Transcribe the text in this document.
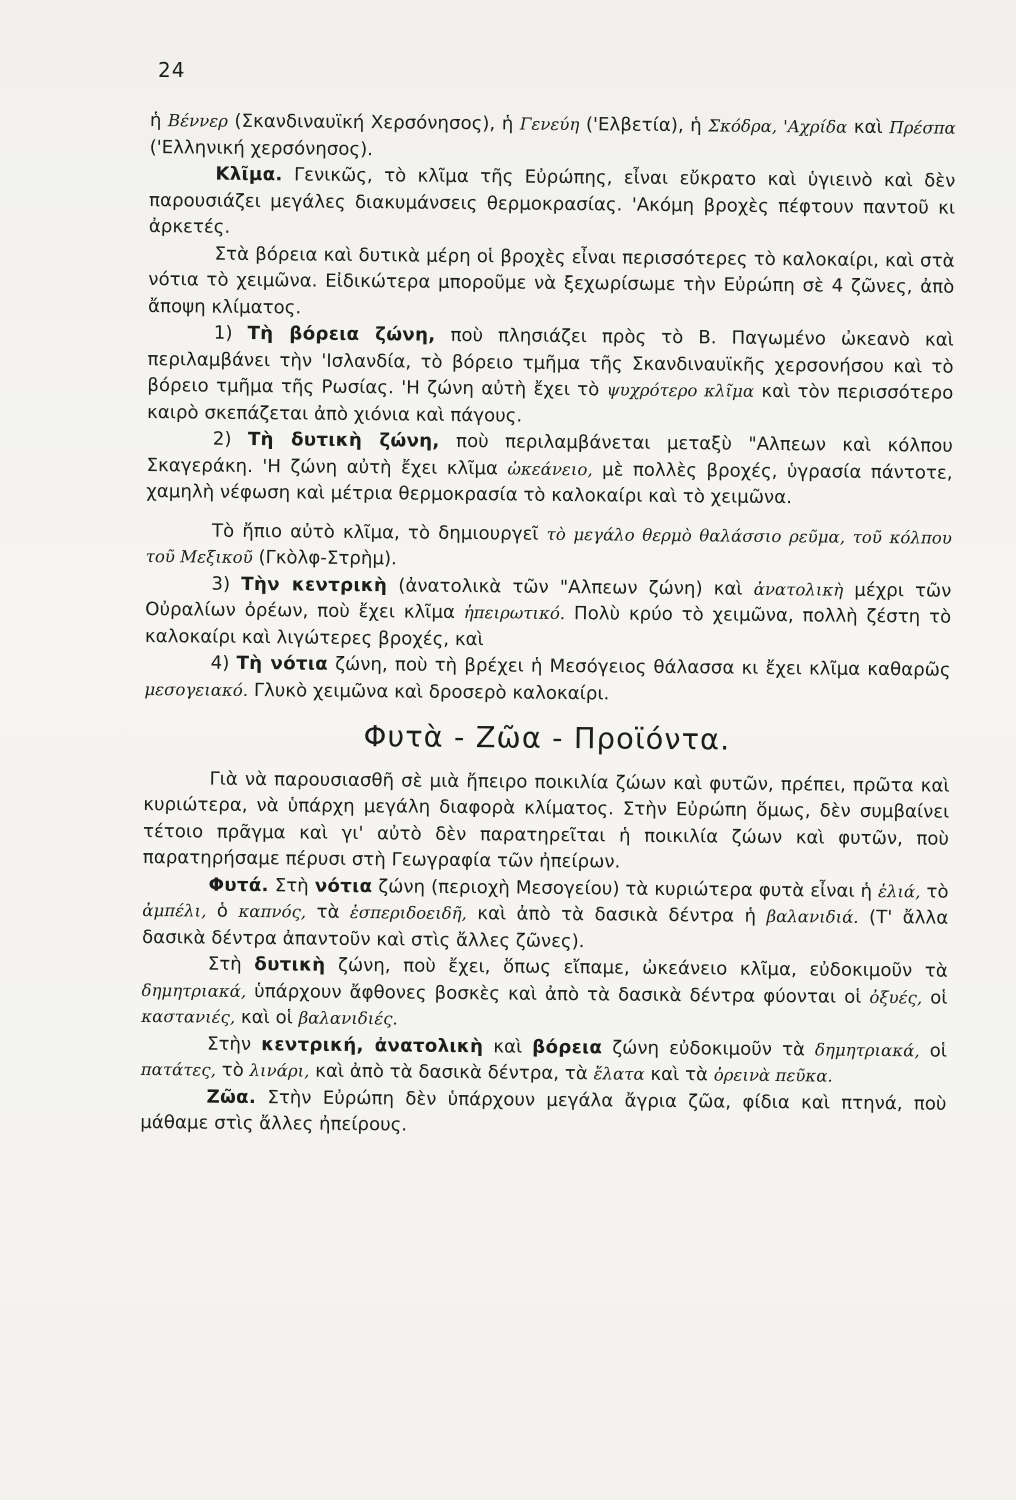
24

ἡ Βέννερ (Σκανδιναυϊκή Χερσόνησος), ἡ Γενεύη ('Ελβετία), ἡ Σκόδρα, 'Αχρίδα καὶ Πρέσπα ('Ελληνική χερσόνησος).

Κλῖμα. Γενικῶς, τὸ κλῖμα τῆς Εὐρώπης, εἶναι εὔκρατο καὶ ὑγιεινὸ καὶ δὲν παρουσιάζει μεγάλες διακυμάνσεις θερμοκρασίας. 'Ακόμη βροχὲς πέφτουν παντοῦ κι ἀρκετές.

Στὰ βόρεια καὶ δυτικὰ μέρη οἱ βροχὲς εἶναι περισσότερες τὸ καλοκαίρι, καὶ στὰ νότια τὸ χειμῶνα. Εἰδικώτερα μποροῦμε νὰ ξεχωρίσωμε τὴν Εὐρώπη σὲ 4 ζῶνες, ἀπὸ ἄποψη κλίματος.

1) Τὴ βόρεια ζώνη, ποὺ πλησιάζει πρὸς τὸ Β. Παγωμένο ὠκεανὸ καὶ περιλαμβάνει τὴν 'Ισλανδία, τὸ βόρειο τμῆμα τῆς Σκανδιναυϊκῆς χερσονήσου καὶ τὸ βόρειο τμῆμα τῆς Ρωσίας. 'Η ζώνη αὐτὴ ἔχει τὸ ψυχρότερο κλῖμα καὶ τὸν περισσότερο καιρὸ σκεπάζεται ἀπὸ χιόνια καὶ πάγους.

2) Τὴ δυτικὴ ζώνη, ποὺ περιλαμβάνεται μεταξὺ "Αλπεων καὶ κόλπου Σκαγεράκη. 'Η ζώνη αὐτὴ ἔχει κλῖμα ὠκεάνειο, μὲ πολλὲς βροχές, ὑγρασία πάντοτε, χαμηλὴ νέφωση καὶ μέτρια θερμοκρασία τὸ καλοκαίρι καὶ τὸ χειμῶνα.

Τὸ ἤπιο αὐτὸ κλῖμα, τὸ δημιουργεῖ τὸ μεγάλο θερμὸ θαλάσσιο ρεῦμα, τοῦ κόλπου τοῦ Μεξικοῦ (Γκὸλφ-Στρὴμ).

3) Τὴν κεντρικὴ (ἀνατολικὰ τῶν "Αλπεων ζώνη) καὶ ἀνατολικὴ μέχρι τῶν Οὐραλίων ὀρέων, ποὺ ἔχει κλῖμα ἠπειρωτικό. Πολὺ κρύο τὸ χειμῶνα, πολλὴ ζέστη τὸ καλοκαίρι καὶ λιγώτερες βροχές, καὶ

4) Τὴ νότια ζώνη, ποὺ τὴ βρέχει ἡ Μεσόγειος θάλασσα κι ἔχει κλῖμα καθαρῶς μεσογειακό. Γλυκὸ χειμῶνα καὶ δροσερὸ καλοκαίρι.

Φυτὰ - Ζῶα - Προϊόντα.

Γιὰ νὰ παρουσιασθῆ σὲ μιὰ ἤπειρο ποικιλία ζώων καὶ φυτῶν, πρέπει, πρῶτα καὶ κυριώτερα, νὰ ὑπάρχη μεγάλη διαφορὰ κλίματος. Στὴν Εὐρώπη ὅμως, δὲν συμβαίνει τέτοιο πρᾶγμα καὶ γι' αὐτὸ δὲν παρατηρεῖται ἡ ποικιλία ζώων καὶ φυτῶν, ποὺ παρατηρήσαμε πέρυσι στὴ Γεωγραφία τῶν ἠπείρων.

Φυτά. Στὴ νότια ζώνη (περιοχὴ Μεσογείου) τὰ κυριώτερα φυτὰ εἶναι ἡ ἐλιά, τὸ ἀμπέλι, ὁ καπνός, τὰ ἐσπεριδοειδῆ, καὶ ἀπὸ τὰ δασικὰ δέντρα ἡ βαλανιδιά. (Τ' ἄλλα δασικὰ δέντρα ἀπαντοῦν καὶ στὶς ἄλλες ζῶνες).

Στὴ δυτικὴ ζώνη, ποὺ ἔχει, ὅπως εἴπαμε, ὠκεάνειο κλῖμα, εὐδοκιμοῦν τὰ δημητριακά, ὑπάρχουν ἄφθονες βοσκὲς καὶ ἀπὸ τὰ δασικὰ δέντρα φύονται οἱ ὀξυές, οἱ καστανιές, καὶ οἱ βαλανιδιές.

Στὴν κεντρική, ἀνατολικὴ καὶ βόρεια ζώνη εὐδοκιμοῦν τὰ δημητριακά, οἱ πατάτες, τὸ λινάρι, καὶ ἀπὸ τὰ δασικὰ δέντρα, τὰ ἔλατα καὶ τὰ ὀρεινὰ πεῦκα.

Ζῶα. Στὴν Εὐρώπη δὲν ὑπάρχουν μεγάλα ἄγρια ζῶα, φίδια καὶ πτηνά, ποὺ μάθαμε στὶς ἄλλες ἠπείρους.
